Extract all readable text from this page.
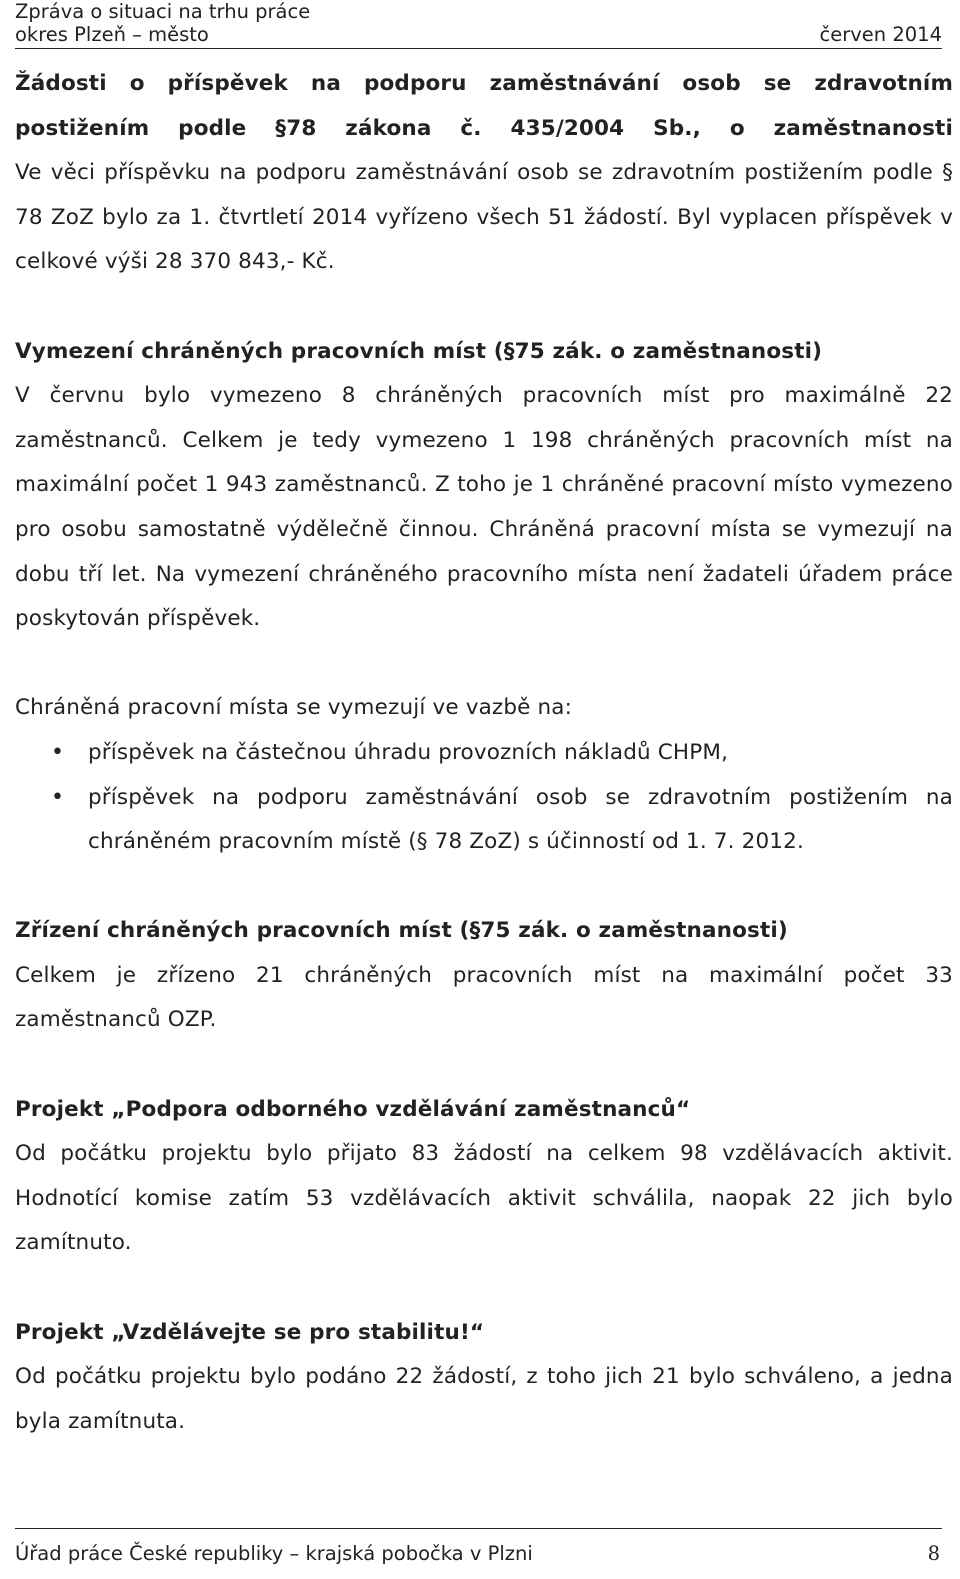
Zpráva o situaci na trhu práce
okres Plzeň – město	červen 2014

Žádosti o příspěvek na podporu zaměstnávání osob se zdravotním postižením podle §78 zákona č. 435/2004 Sb., o zaměstnanosti

Ve věci příspěvku na podporu zaměstnávání osob se zdravotním postižením podle § 78 ZoZ bylo za 1. čtvrtletí 2014 vyřízeno všech 51 žádostí. Byl vyplacen příspěvek v celkové výši 28 370 843,- Kč.

Vymezení chráněných pracovních míst (§75 zák. o zaměstnanosti)

V červnu bylo vymezeno 8 chráněných pracovních míst pro maximálně 22 zaměstnanců. Celkem je tedy vymezeno 1 198 chráněných pracovních míst na maximální počet 1 943 zaměstnanců. Z toho je 1 chráněné pracovní místo vymezeno pro osobu samostatně výdělečně činnou. Chráněná pracovní místa se vymezují na dobu tří let. Na vymezení chráněného pracovního místa není žadateli úřadem práce poskytován příspěvek.

Chráněná pracovní místa se vymezují ve vazbě na:

• příspěvek na částečnou úhradu provozních nákladů CHPM,
• příspěvek na podporu zaměstnávání osob se zdravotním postižením na chráněném pracovním místě (§ 78 ZoZ) s účinností od 1. 7. 2012.

Zřízení chráněných pracovních míst (§75 zák. o zaměstnanosti)

Celkem je zřízeno 21 chráněných pracovních míst na maximální počet 33 zaměstnanců OZP.

Projekt „Podpora odborného vzdělávání zaměstnanců“

Od počátku projektu bylo přijato 83 žádostí na celkem 98 vzdělávacích aktivit. Hodnotící komise zatím 53 vzdělávacích aktivit schválila, naopak 22 jich bylo zamítnuto.

Projekt „Vzdělávejte se pro stabilitu!“

Od počátku projektu bylo podáno 22 žádostí, z toho jich 21 bylo schváleno, a jedna byla zamítnuta.

Úřad práce České republiky – krajská pobočka v Plzni	8
